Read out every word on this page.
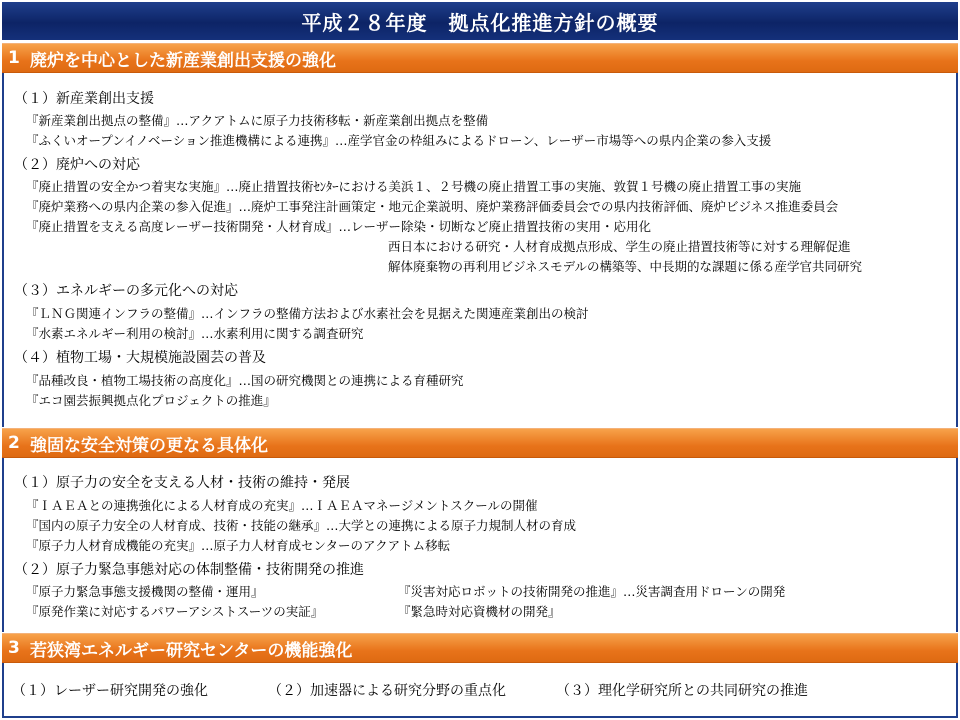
平成２８年度　拠点化推進方針の概要
1 廃炉を中心とした新産業創出支援の強化
（１）新産業創出支援
『新産業創出拠点の整備』…アクアトムに原子力技術移転・新産業創出拠点を整備
『ふくいオープンイノベーション推進機構による連携』…産学官金の枠組みによるドローン、レーザー市場等への県内企業の参入支援
（２）廃炉への対応
『廃止措置の安全かつ着実な実施』…廃止措置技術ｾﾝﾀｰにおける美浜１、２号機の廃止措置工事の実施、敦賀１号機の廃止措置工事の実施
『廃炉業務への県内企業の参入促進』…廃炉工事発注計画策定・地元企業説明、廃炉業務評価委員会での県内技術評価、廃炉ビジネス推進委員会
『廃止措置を支える高度レーザー技術開発・人材育成』…レーザー除染・切断など廃止措置技術の実用・応用化
西日本における研究・人材育成拠点形成、学生の廃止措置技術等に対する理解促進
解体廃棄物の再利用ビジネスモデルの構築等、中長期的な課題に係る産学官共同研究
（３）エネルギーの多元化への対応
『ＬＮＧ関連インフラの整備』…インフラの整備方法および水素社会を見据えた関連産業創出の検討
『水素エネルギー利用の検討』…水素利用に関する調査研究
（４）植物工場・大規模施設園芸の普及
『品種改良・植物工場技術の高度化』…国の研究機関との連携による育種研究
『エコ園芸振興拠点化プロジェクトの推進』
2 強固な安全対策の更なる具体化
（１）原子力の安全を支える人材・技術の維持・発展
『ＩＡＥＡとの連携強化による人材育成の充実』…ＩＡＥＡマネージメントスクールの開催
『国内の原子力安全の人材育成、技術・技能の継承』…大学との連携による原子力規制人材の育成
『原子力人材育成機能の充実』…原子力人材育成センターのアクアトム移転
（２）原子力緊急事態対応の体制整備・技術開発の推進
『原子力緊急事態支援機関の整備・運用』	『災害対応ロボットの技術開発の推進』…災害調査用ドローンの開発
『原発作業に対応するパワーアシストスーツの実証』	『緊急時対応資機材の開発』
3 若狭湾エネルギー研究センターの機能強化
（１）レーザー研究開発の強化	（２）加速器による研究分野の重点化	（３）理化学研究所との共同研究の推進
